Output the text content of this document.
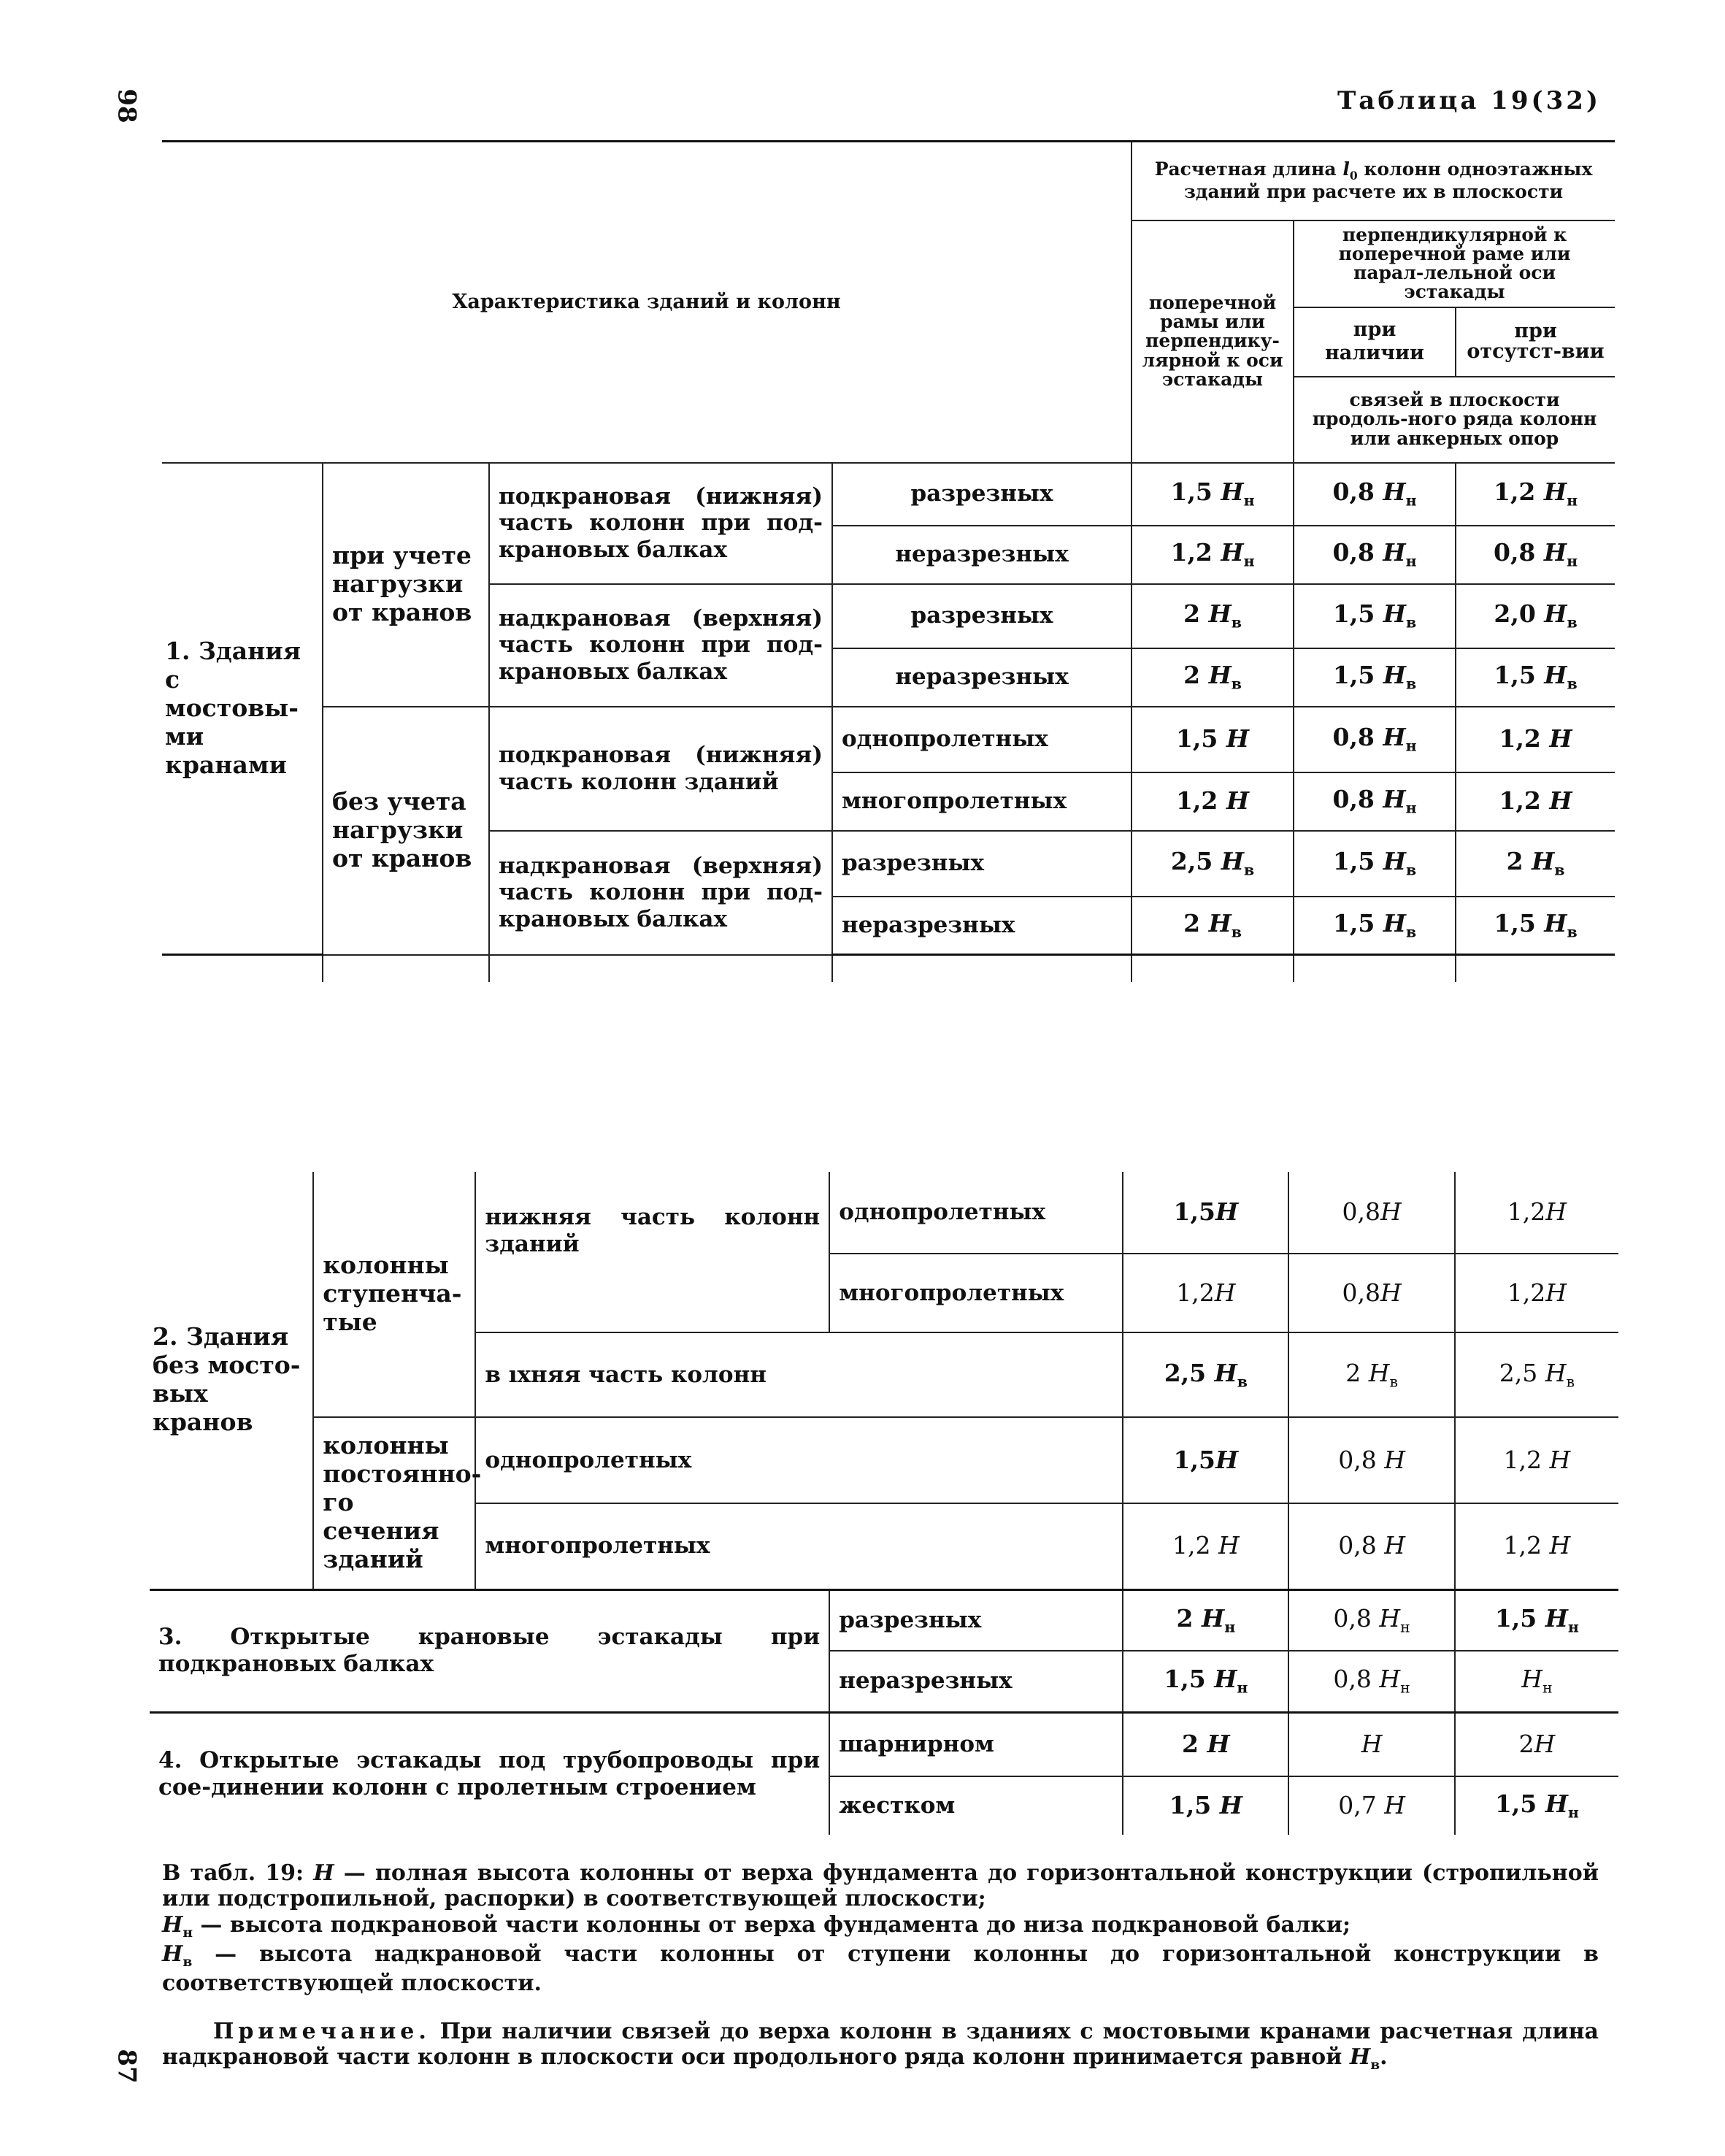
98	Таблица 19(32)
Характеристика зданий и колонн				Расчетная длина $l_0$ колонн одноэтажных зданий при расчете их в плоскости		
				поперечной рамы или перпендику-лярной к оси эстакады	перпендикулярной к поперечной раме или парал-лельной оси эстакады	
					при наличии	при отсутст-вии
					связей в плоскости продоль-ного ряда колонн или анкерных опор	
1. Здания с мостовы-ми кранами	при учете нагрузки от кранов	подкрановая (нижняя) часть колонн при под-крановых балках	разрезных	1,5 $H_н$	0,8 $H_н$	1,2 $H_н$
			неразрезных	1,2 $H_н$	0,8 $H_н$	0,8 $H_н$
		надкрановая (верхняя) часть колонн при под-крановых балках	разрезных	2 $H_в$	1,5 $H_в$	2,0 $H_в$
			неразрезных	2 $H_в$	1,5 $H_в$	1,5 $H_в$
	без учета нагрузки от кранов	подкрановая (нижняя) часть колонн зданий	однопролетных	1,5 H	0,8 $H_н$	1,2 H
			многопролетных	1,2 H	0,8 $H_н$	1,2 H
		надкрановая (верхняя) часть колонн при под-крановых балках	разрезных	2,5 $H_в$	1,5 $H_в$	2 $H_в$
			неразрезных	2 $H_в$	1,5 $H_в$	1,5 $H_в$

2. Здания без мосто-вых кранов	колонны ступенча-тые	нижняя часть колонн зданий	однопролетных	1,5H	0,8H	1,2H
			многопролетных	1,2H	0,8H	1,2H
		в ıхняя часть колонн		2,5 $H_в$	2 $H_в$	2,5 $H_в$
	колонны постоянно-го сечения зданий	однопролетных		1,5H	0,8 H	1,2 H
		многопролетных		1,2 H	0,8 H	1,2 H
3. Открытые крановые эстакады при подкрановых балках			разрезных	2 $H_н$	0,8 $H_н$	1,5 $H_н$
			неразрезных	1,5 $H_н$	0,8 $H_н$	$H_н$
4. Открытые эстакады под трубопроводы при сое-динении колонн с пролетным строением			шарнирном	2 H	H	2H
			жестком	1,5 H	0,7 H	1,5 $H_н$
В табл. 19: H — полная высота колонны от верха фундамента до горизонтальной конструкции (стропильной или подстропильной, распорки) в соответствующей плоскости;
$H_н$ — высота подкрановой части колонны от верха фундамента до низа подкрановой балки;
$H_в$ — высота надкрановой части колонны от ступени колонны до горизонтальной конструкции в соответствующей плоскости.
Примечание. При наличии связей до верха колонн в зданиях с мостовыми кранами расчетная длина надкрановой части колонн в плоскости оси продольного ряда колонн принимается равной $H_в$.
87
